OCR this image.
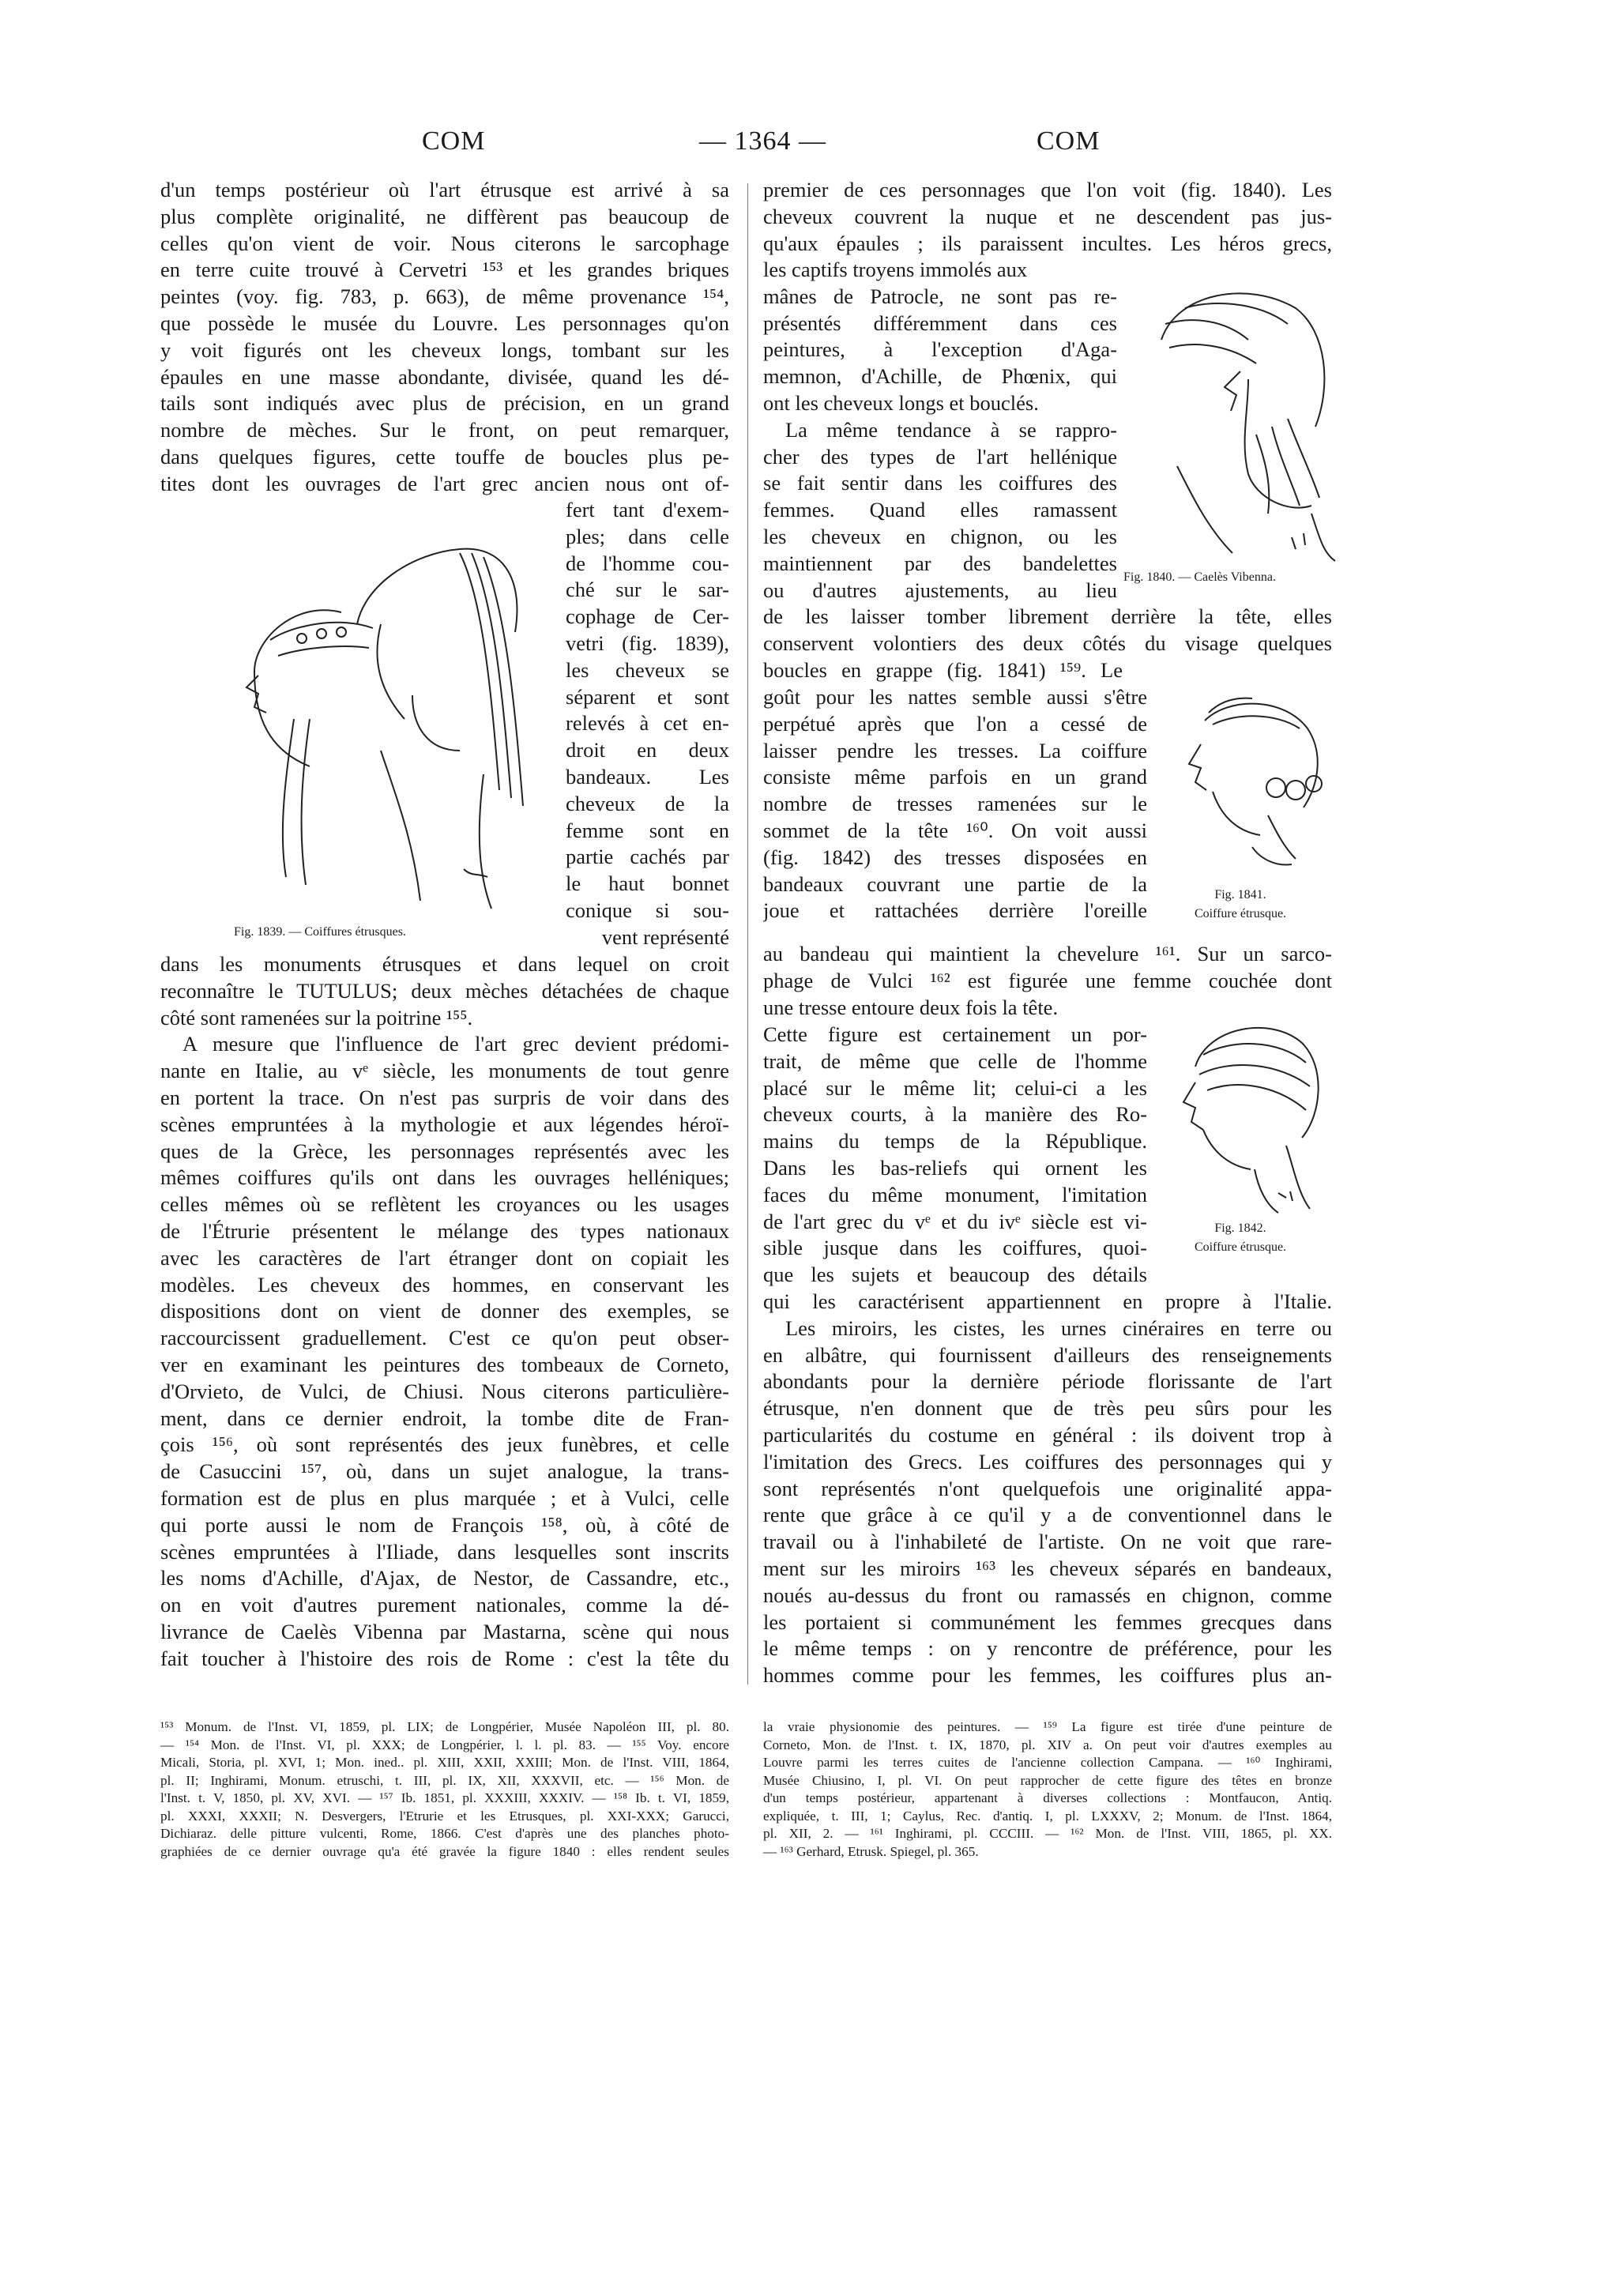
COM	— 1364 —	COM
d'un temps postérieur où l'art étrusque est arrivé à sa
plus complète originalité, ne diffèrent pas beaucoup de
celles qu'on vient de voir. Nous citerons le sarcophage
en terre cuite trouvé à Cervetri ¹⁵³ et les grandes briques
peintes (voy. fig. 783, p. 663), de même provenance ¹⁵⁴,
que possède le musée du Louvre. Les personnages qu'on
y voit figurés ont les cheveux longs, tombant sur les
épaules en une masse abondante, divisée, quand les dé-
tails sont indiqués avec plus de précision, en un grand
nombre de mèches. Sur le front, on peut remarquer,
dans quelques figures, cette touffe de boucles plus pe-
tites dont les ouvrages de l'art grec ancien nous ont of-
Fig. 1839. — Coiffures étrusques.
fert tant d'exem-
ples; dans celle
de l'homme cou-
ché sur le sar-
cophage de Cer-
vetri (fig. 1839),
les cheveux se
séparent et sont
relevés à cet en-
droit en deux
bandeaux. Les
cheveux de la
femme sont en
partie cachés par
le haut bonnet
conique si sou-
vent représenté
dans les monuments étrusques et dans lequel on croit
reconnaître le TUTULUS; deux mèches détachées de chaque
côté sont ramenées sur la poitrine ¹⁵⁵.
A mesure que l'influence de l'art grec devient prédomi-
nante en Italie, au vᵉ siècle, les monuments de tout genre
en portent la trace. On n'est pas surpris de voir dans des
scènes empruntées à la mythologie et aux légendes héroï-
ques de la Grèce, les personnages représentés avec les
mêmes coiffures qu'ils ont dans les ouvrages helléniques;
celles mêmes où se reflètent les croyances ou les usages
de l'Étrurie présentent le mélange des types nationaux
avec les caractères de l'art étranger dont on copiait les
modèles. Les cheveux des hommes, en conservant les
dispositions dont on vient de donner des exemples, se
raccourcissent graduellement. C'est ce qu'on peut obser-
ver en examinant les peintures des tombeaux de Corneto,
d'Orvieto, de Vulci, de Chiusi. Nous citerons particulière-
ment, dans ce dernier endroit, la tombe dite de Fran-
çois ¹⁵⁶, où sont représentés des jeux funèbres, et celle
de Casuccini ¹⁵⁷, où, dans un sujet analogue, la trans-
formation est de plus en plus marquée ; et à Vulci, celle
qui porte aussi le nom de François ¹⁵⁸, où, à côté de
scènes empruntées à l'Iliade, dans lesquelles sont inscrits
les noms d'Achille, d'Ajax, de Nestor, de Cassandre, etc.,
on en voit d'autres purement nationales, comme la dé-
livrance de Caelès Vibenna par Mastarna, scène qui nous
fait toucher à l'histoire des rois de Rome : c'est la tête du
premier de ces personnages que l'on voit (fig. 1840). Les
cheveux couvrent la nuque et ne descendent pas jus-
qu'aux épaules ; ils paraissent incultes. Les héros grecs,
les captifs troyens immolés aux
mânes de Patrocle, ne sont pas re-
présentés différemment dans ces
peintures, à l'exception d'Aga-
memnon, d'Achille, de Phœnix, qui
ont les cheveux longs et bouclés.
La même tendance à se rappro-
cher des types de l'art hellénique
se fait sentir dans les coiffures des
femmes. Quand elles ramassent
les cheveux en chignon, ou les
maintiennent par des bandelettes
ou d'autres ajustements, au lieu
Fig. 1840. — Caelès Vibenna.
de les laisser tomber librement derrière la tête, elles
conservent volontiers des deux côtés du visage quelques
boucles en grappe (fig. 1841) ¹⁵⁹. Le
goût pour les nattes semble aussi s'être
perpétué après que l'on a cessé de
laisser pendre les tresses. La coiffure
consiste même parfois en un grand
nombre de tresses ramenées sur le
sommet de la tête ¹⁶⁰. On voit aussi
(fig. 1842) des tresses disposées en
bandeaux couvrant une partie de la
joue et rattachées derrière l'oreille
Fig. 1841.
Coiffure étrusque.
au bandeau qui maintient la chevelure ¹⁶¹. Sur un sarco-
phage de Vulci ¹⁶² est figurée une femme couchée dont
une tresse entoure deux fois la tête.
Cette figure est certainement un por-
trait, de même que celle de l'homme
placé sur le même lit; celui-ci a les
cheveux courts, à la manière des Ro-
mains du temps de la République.
Dans les bas-reliefs qui ornent les
faces du même monument, l'imitation
de l'art grec du vᵉ et du ivᵉ siècle est vi-
sible jusque dans les coiffures, quoi-
que les sujets et beaucoup des détails
Fig. 1842.
Coiffure étrusque.
qui les caractérisent appartiennent en propre à l'Italie.
Les miroirs, les cistes, les urnes cinéraires en terre ou
en albâtre, qui fournissent d'ailleurs des renseignements
abondants pour la dernière période florissante de l'art
étrusque, n'en donnent que de très peu sûrs pour les
particularités du costume en général : ils doivent trop à
l'imitation des Grecs. Les coiffures des personnages qui y
sont représentés n'ont quelquefois une originalité appa-
rente que grâce à ce qu'il y a de conventionnel dans le
travail ou à l'inhabileté de l'artiste. On ne voit que rare-
ment sur les miroirs ¹⁶³ les cheveux séparés en bandeaux,
noués au-dessus du front ou ramassés en chignon, comme
les portaient si communément les femmes grecques dans
le même temps : on y rencontre de préférence, pour les
hommes comme pour les femmes, les coiffures plus an-
¹⁵³ Monum. de l'Inst. VI, 1859, pl. LIX; de Longpérier, Musée Napoléon III, pl. 80.
— ¹⁵⁴ Mon. de l'Inst. VI, pl. XXX; de Longpérier, l. l. pl. 83. — ¹⁵⁵ Voy. encore
Micali, Storia, pl. XVI, 1; Mon. ined.. pl. XIII, XXII, XXIII; Mon. de l'Inst. VIII, 1864,
pl. II; Inghirami, Monum. etruschi, t. III, pl. IX, XII, XXXVII, etc. — ¹⁵⁶ Mon. de
l'Inst. t. V, 1850, pl. XV, XVI. — ¹⁵⁷ Ib. 1851, pl. XXXIII, XXXIV. — ¹⁵⁸ Ib. t. VI, 1859,
pl. XXXI, XXXII; N. Desvergers, l'Etrurie et les Etrusques, pl. XXI-XXX; Garucci,
Dichiaraz. delle pitture vulcenti, Rome, 1866. C'est d'après une des planches photo-
graphiées de ce dernier ouvrage qu'a été gravée la figure 1840 : elles rendent seules
la vraie physionomie des peintures. — ¹⁵⁹ La figure est tirée d'une peinture de
Corneto, Mon. de l'Inst. t. IX, 1870, pl. XIV a. On peut voir d'autres exemples au
Louvre parmi les terres cuites de l'ancienne collection Campana. — ¹⁶⁰ Inghirami,
Musée Chiusino, I, pl. VI. On peut rapprocher de cette figure des têtes en bronze
d'un temps postérieur, appartenant à diverses collections : Montfaucon, Antiq.
expliquée, t. III, 1; Caylus, Rec. d'antiq. I, pl. LXXXV, 2; Monum. de l'Inst. 1864,
pl. XII, 2. — ¹⁶¹ Inghirami, pl. CCCIII. — ¹⁶² Mon. de l'Inst. VIII, 1865, pl. XX.
— ¹⁶³ Gerhard, Etrusk. Spiegel, pl. 365.
